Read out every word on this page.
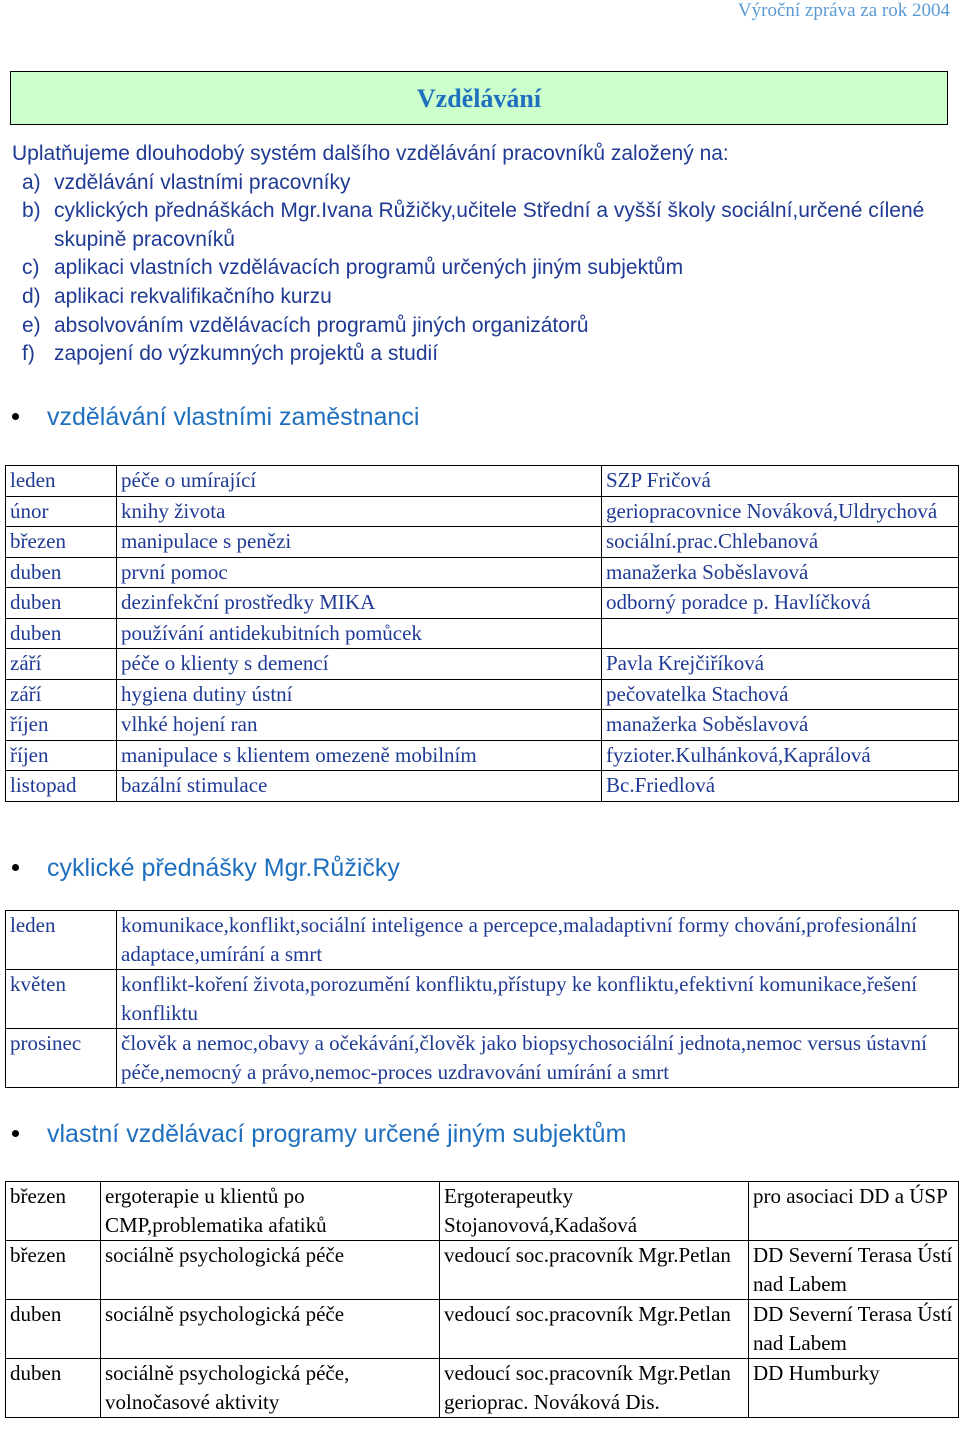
Výroční zpráva za rok 2004
Vzdělávání
Uplatňujeme dlouhodobý systém dalšího vzdělávání pracovníků založený na:
a) vzdělávání vlastními pracovníky
b) cyklických přednáškách Mgr.Ivana Růžičky,učitele Střední a vyšší školy sociální,určené cílené skupině pracovníků
c) aplikaci vlastních vzdělávacích programů určených jiným subjektům
d) aplikaci rekvalifikačního kurzu
e) absolvováním vzdělávacích programů jiných organizátorů
f) zapojení do výzkumných projektů a studií
vzdělávání vlastními zaměstnanci
leden	péče o umírající	SZP Fričová
únor	knihy života	geriopracovnice Nováková,Uldrychová
březen	manipulace s penězi	sociální.prac.Chlebanová
duben	první pomoc	manažerka Soběslavová
duben	dezinfekční prostředky MIKA	odborný poradce p. Havlíčková
duben	používání antidekubitních pomůcek	
září	péče o klienty s demencí	Pavla Krejčiříková
září	hygiena dutiny ústní	pečovatelka Stachová
říjen	vlhké hojení ran	manažerka Soběslavová
říjen	manipulace s klientem omezeně mobilním	fyzioter.Kulhánková,Kaprálová
listopad	bazální stimulace	Bc.Friedlová
cyklické přednášky Mgr.Růžičky
leden	komunikace,konflikt,sociální inteligence a percepce,maladaptivní formy chování,profesionální adaptace,umírání a smrt
květen	konflikt-koření života,porozumění konfliktu,přístupy ke konfliktu,efektivní komunikace,řešení konfliktu
prosinec	člověk a nemoc,obavy a očekávání,člověk jako biopsychosociální jednota,nemoc versus ústavní péče,nemocný a právo,nemoc-proces uzdravování umírání a smrt
vlastní vzdělávací programy určené jiným subjektům
březen	ergoterapie u klientů po CMP,problematika afatiků	Ergoterapeutky Stojanovová,Kadašová	pro asociaci DD a ÚSP
březen	sociálně psychologická péče	vedoucí soc.pracovník Mgr.Petlan	DD Severní Terasa Ústí nad Labem
duben	sociálně psychologická péče	vedoucí soc.pracovník Mgr.Petlan	DD Severní Terasa Ústí nad Labem
duben	sociálně psychologická péče, volnočasové aktivity	vedoucí soc.pracovník Mgr.Petlan gerioprac. Nováková Dis.	DD Humburky
